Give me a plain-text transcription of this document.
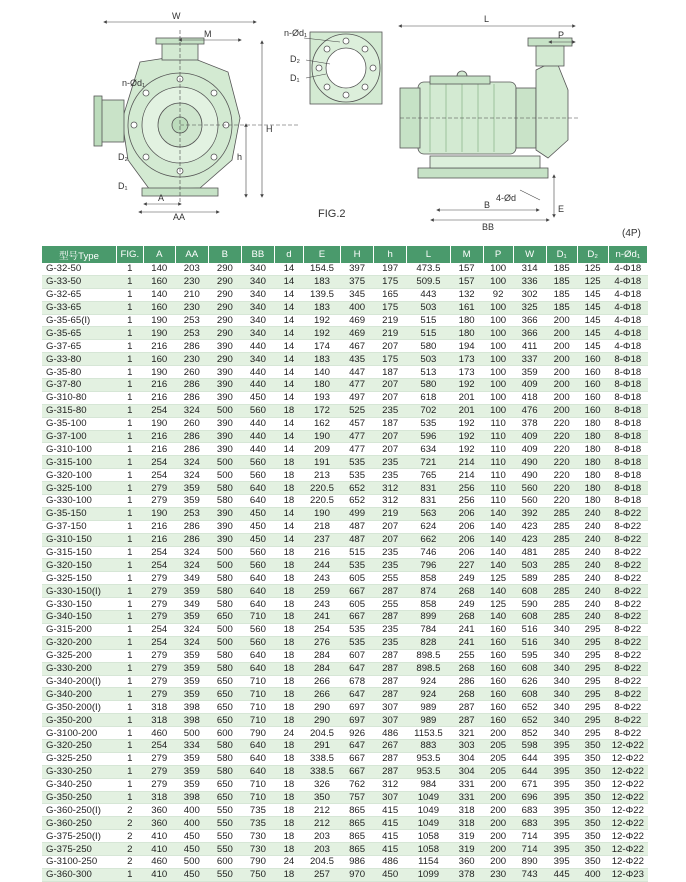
W
M
H
h
A
AA
n-Ød₁
D₂
D₁
n-Ød₁
D₂
D₁
L
P
B
BB
E
4-Ød
FIG.2
(4P)
型号Type	FIG.	A	AA	B	BB	d	E	H	h	L	M	P	W	D₁	D₂	n-Ød₁
G-32-50	1	140	203	290	340	14	154.5	397	197	473.5	157	100	314	185	125	4-Φ18
G-33-50	1	160	230	290	340	14	183	375	175	509.5	157	100	336	185	125	4-Φ18
G-32-65	1	140	210	290	340	14	139.5	345	165	443	132	92	302	185	145	4-Φ18
G-33-65	1	160	230	290	340	14	183	400	175	503	161	100	325	185	145	4-Φ18
G-35-65(I)	1	190	253	290	340	14	192	469	219	515	180	100	366	200	145	4-Φ18
G-35-65	1	190	253	290	340	14	192	469	219	515	180	100	366	200	145	4-Φ18
G-37-65	1	216	286	390	440	14	174	467	207	580	194	100	411	200	145	4-Φ18
G-33-80	1	160	230	290	340	14	183	435	175	503	173	100	337	200	160	8-Φ18
G-35-80	1	190	260	390	440	14	140	447	187	513	173	100	359	200	160	8-Φ18
G-37-80	1	216	286	390	440	14	180	477	207	580	192	100	409	200	160	8-Φ18
G-310-80	1	216	286	390	450	14	193	497	207	618	201	100	418	200	160	8-Φ18
G-315-80	1	254	324	500	560	18	172	525	235	702	201	100	476	200	160	8-Φ18
G-35-100	1	190	260	390	440	14	162	457	187	535	192	110	378	220	180	8-Φ18
G-37-100	1	216	286	390	440	14	190	477	207	596	192	110	409	220	180	8-Φ18
G-310-100	1	216	286	390	440	14	209	477	207	634	192	110	409	220	180	8-Φ18
G-315-100	1	254	324	500	560	18	191	535	235	721	214	110	490	220	180	8-Φ18
G-320-100	1	254	324	500	560	18	213	535	235	765	214	110	490	220	180	8-Φ18
G-325-100	1	279	359	580	640	18	220.5	652	312	831	256	110	560	220	180	8-Φ18
G-330-100	1	279	359	580	640	18	220.5	652	312	831	256	110	560	220	180	8-Φ18
G-35-150	1	190	253	390	450	14	190	499	219	563	206	140	392	285	240	8-Φ22
G-37-150	1	216	286	390	450	14	218	487	207	624	206	140	423	285	240	8-Φ22
G-310-150	1	216	286	390	450	14	237	487	207	662	206	140	423	285	240	8-Φ22
G-315-150	1	254	324	500	560	18	216	515	235	746	206	140	481	285	240	8-Φ22
G-320-150	1	254	324	500	560	18	244	535	235	796	227	140	503	285	240	8-Φ22
G-325-150	1	279	349	580	640	18	243	605	255	858	249	125	589	285	240	8-Φ22
G-330-150(I)	1	279	359	580	640	18	259	667	287	874	268	140	608	285	240	8-Φ22
G-330-150	1	279	349	580	640	18	243	605	255	858	249	125	590	285	240	8-Φ22
G-340-150	1	279	359	650	710	18	241	667	287	899	268	140	608	285	240	8-Φ22
G-315-200	1	254	324	500	560	18	254	535	235	784	241	160	516	340	295	8-Φ22
G-320-200	1	254	324	500	560	18	276	535	235	828	241	160	516	340	295	8-Φ22
G-325-200	1	279	359	580	640	18	284	607	287	898.5	255	160	595	340	295	8-Φ22
G-330-200	1	279	359	580	640	18	284	647	287	898.5	268	160	608	340	295	8-Φ22
G-340-200(I)	1	279	359	650	710	18	266	678	287	924	286	160	626	340	295	8-Φ22
G-340-200	1	279	359	650	710	18	266	647	287	924	268	160	608	340	295	8-Φ22
G-350-200(I)	1	318	398	650	710	18	290	697	307	989	287	160	652	340	295	8-Φ22
G-350-200	1	318	398	650	710	18	290	697	307	989	287	160	652	340	295	8-Φ22
G-3100-200	1	460	500	600	790	24	204.5	926	486	1153.5	321	200	852	340	295	8-Φ22
G-320-250	1	254	334	580	640	18	291	647	267	883	303	205	598	395	350	12-Φ22
G-325-250	1	279	359	580	640	18	338.5	667	287	953.5	304	205	644	395	350	12-Φ22
G-330-250	1	279	359	580	640	18	338.5	667	287	953.5	304	205	644	395	350	12-Φ22
G-340-250	1	279	359	650	710	18	326	762	312	984	331	200	671	395	350	12-Φ22
G-350-250	1	318	398	650	710	18	350	757	307	1049	331	200	696	395	350	12-Φ22
G-360-250(I)	2	360	400	550	735	18	212	865	415	1049	318	200	683	395	350	12-Φ22
G-360-250	2	360	400	550	735	18	212	865	415	1049	318	200	683	395	350	12-Φ22
G-375-250(I)	2	410	450	550	730	18	203	865	415	1058	319	200	714	395	350	12-Φ22
G-375-250	2	410	450	550	730	18	203	865	415	1058	319	200	714	395	350	12-Φ22
G-3100-250	2	460	500	600	790	24	204.5	986	486	1154	360	200	890	395	350	12-Φ22
G-360-300	1	410	450	550	750	18	257	970	450	1099	378	230	743	445	400	12-Φ23
